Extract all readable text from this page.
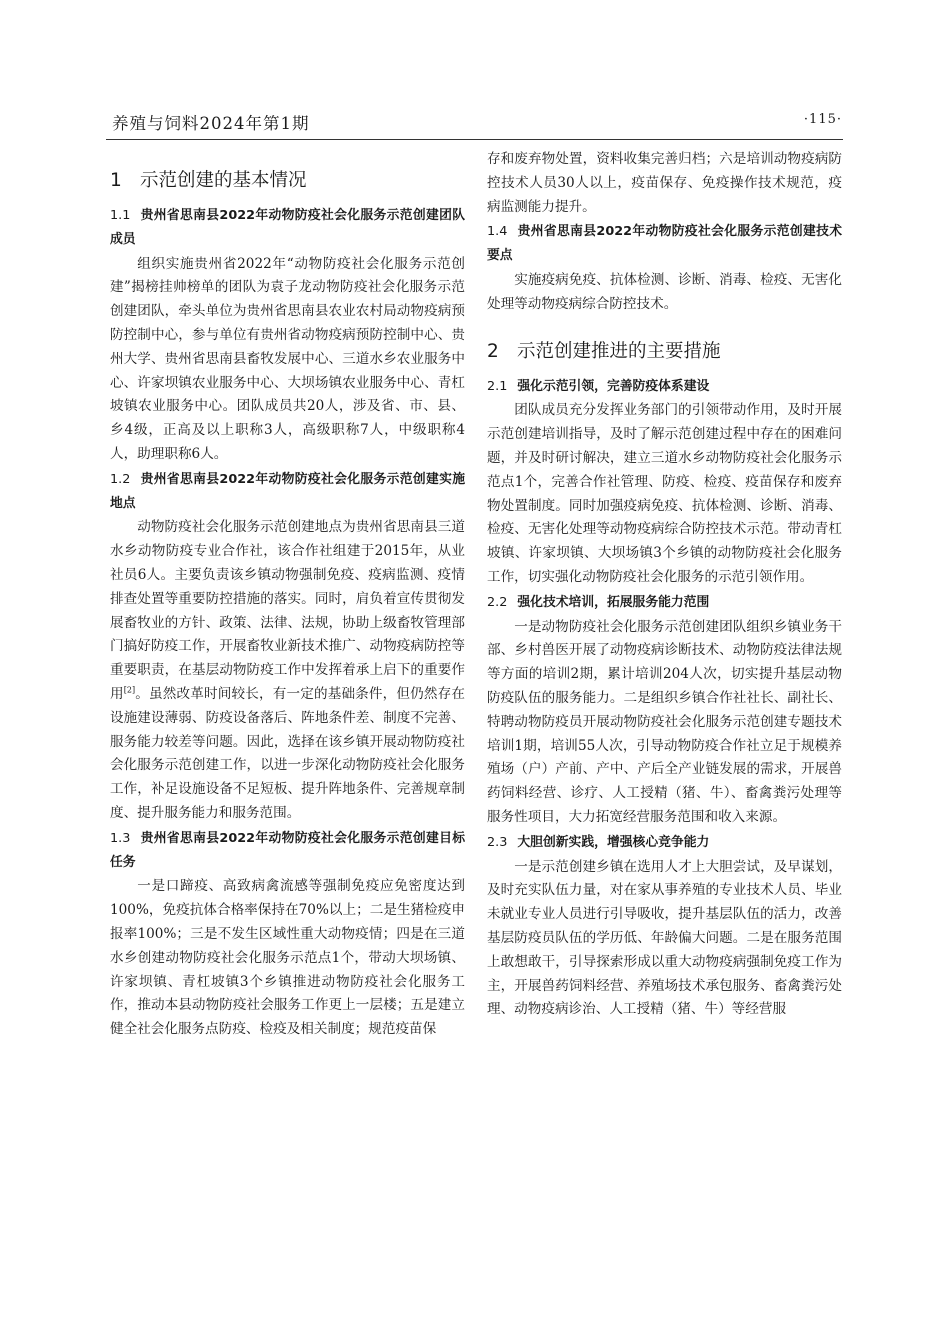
养殖与饲料2024年第1期	·115·
1 示范创建的基本情况
1.1 贵州省思南县2022年动物防疫社会化服务示范创建团队成员

组织实施贵州省2022年“动物防疫社会化服务示范创建”揭榜挂帅榜单的团队为袁子龙动物防疫社会化服务示范创建团队，牵头单位为贵州省思南县农业农村局动物疫病预防控制中心，参与单位有贵州省动物疫病预防控制中心、贵州大学、贵州省思南县畜牧发展中心、三道水乡农业服务中心、许家坝镇农业服务中心、大坝场镇农业服务中心、青杠坡镇农业服务中心。团队成员共20人，涉及省、市、县、乡4级，正高及以上职称3人，高级职称7人，中级职称4人，助理职称6人。

1.2 贵州省思南县2022年动物防疫社会化服务示范创建实施地点

动物防疫社会化服务示范创建地点为贵州省思南县三道水乡动物防疫专业合作社，该合作社组建于2015年，从业社员6人。主要负责该乡镇动物强制免疫、疫病监测、疫情排查处置等重要防控措施的落实。同时，肩负着宣传贯彻发展畜牧业的方针、政策、法律、法规，协助上级畜牧管理部门搞好防疫工作，开展畜牧业新技术推广、动物疫病防控等重要职责，在基层动物防疫工作中发挥着承上启下的重要作用[2]。虽然改革时间较长，有一定的基础条件，但仍然存在设施建设薄弱、防疫设备落后、阵地条件差、制度不完善、服务能力较差等问题。因此，选择在该乡镇开展动物防疫社会化服务示范创建工作，以进一步深化动物防疫社会化服务工作，补足设施设备不足短板、提升阵地条件、完善规章制度、提升服务能力和服务范围。

1.3 贵州省思南县2022年动物防疫社会化服务示范创建目标任务

一是口蹄疫、高致病禽流感等强制免疫应免密度达到100%，免疫抗体合格率保持在70%以上；二是生猪检疫申报率100%；三是不发生区域性重大动物疫情；四是在三道水乡创建动物防疫社会化服务示范点1个，带动大坝场镇、许家坝镇、青杠坡镇3个乡镇推进动物防疫社会化服务工作，推动本县动物防疫社会服务工作更上一层楼；五是建立健全社会化服务点防疫、检疫及相关制度；规范疫苗保

存和废弃物处置，资料收集完善归档；六是培训动物疫病防控技术人员30人以上，疫苗保存、免疫操作技术规范，疫病监测能力提升。

1.4 贵州省思南县2022年动物防疫社会化服务示范创建技术要点

实施疫病免疫、抗体检测、诊断、消毒、检疫、无害化处理等动物疫病综合防控技术。

2 示范创建推进的主要措施
2.1 强化示范引领，完善防疫体系建设

团队成员充分发挥业务部门的引领带动作用，及时开展示范创建培训指导，及时了解示范创建过程中存在的困难问题，并及时研讨解决，建立三道水乡动物防疫社会化服务示范点1个，完善合作社管理、防疫、检疫、疫苗保存和废弃物处置制度。同时加强疫病免疫、抗体检测、诊断、消毒、检疫、无害化处理等动物疫病综合防控技术示范。带动青杠坡镇、许家坝镇、大坝场镇3个乡镇的动物防疫社会化服务工作，切实强化动物防疫社会化服务的示范引领作用。

2.2 强化技术培训，拓展服务能力范围

一是动物防疫社会化服务示范创建团队组织乡镇业务干部、乡村兽医开展了动物疫病诊断技术、动物防疫法律法规等方面的培训2期，累计培训204人次，切实提升基层动物防疫队伍的服务能力。二是组织乡镇合作社社长、副社长、特聘动物防疫员开展动物防疫社会化服务示范创建专题技术培训1期，培训55人次，引导动物防疫合作社立足于规模养殖场（户）产前、产中、产后全产业链发展的需求，开展兽药饲料经营、诊疗、人工授精（猪、牛）、畜禽粪污处理等服务性项目，大力拓宽经营服务范围和收入来源。

2.3 大胆创新实践，增强核心竞争能力

一是示范创建乡镇在选用人才上大胆尝试，及早谋划，及时充实队伍力量，对在家从事养殖的专业技术人员、毕业未就业专业人员进行引导吸收，提升基层队伍的活力，改善基层防疫员队伍的学历低、年龄偏大问题。二是在服务范围上敢想敢干，引导探索形成以重大动物疫病强制免疫工作为主，开展兽药饲料经营、养殖场技术承包服务、畜禽粪污处理、动物疫病诊治、人工授精（猪、牛）等经营服
